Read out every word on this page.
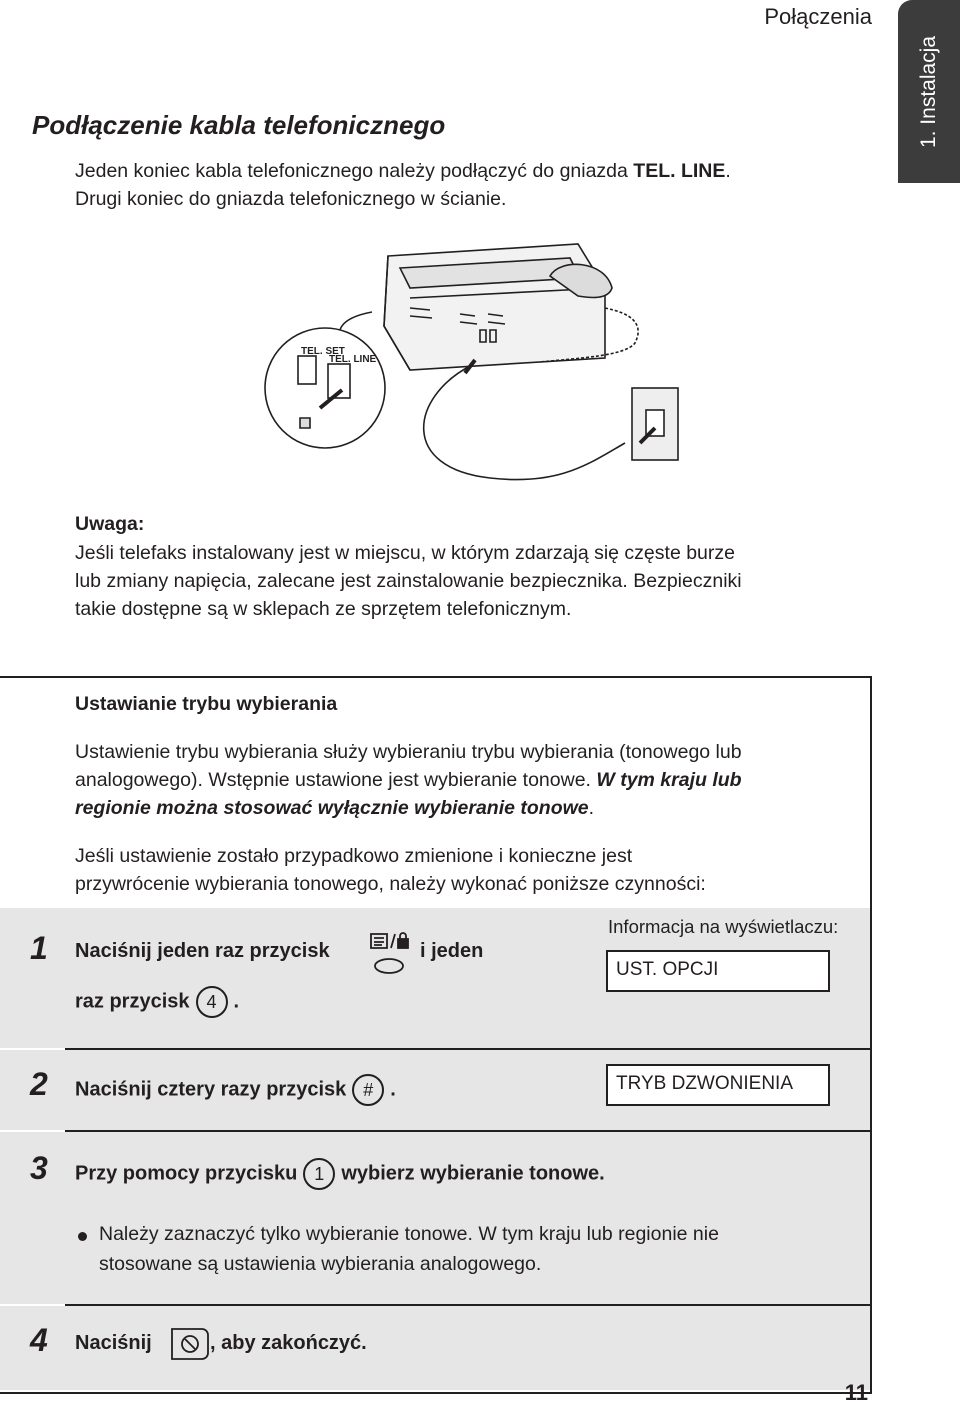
Połączenia
1. Instalacja
Podłączenie kabla telefonicznego
Jeden koniec kabla telefonicznego należy podłączyć do gniazda TEL. LINE.
Drugi koniec do gniazda telefonicznego w ścianie.
TEL. SET
TEL. LINE
Uwaga:
Jeśli telefaks instalowany jest w miejscu, w którym zdarzają się częste burze
lub zmiany napięcia, zalecane jest zainstalowanie bezpiecznika. Bezpieczniki
takie dostępne są w sklepach ze sprzętem telefonicznym.
Ustawianie trybu wybierania
Ustawienie trybu wybierania służy wybieraniu trybu wybierania (tonowego lub
analogowego). Wstępnie ustawione jest wybieranie tonowe. W tym kraju lub
regionie można stosować wyłącznie wybieranie tonowe.
Jeśli ustawienie zostało przypadkowo zmienione i konieczne jest
przywrócenie wybierania tonowego, należy wykonać poniższe czynności:
1 Naciśnij jeden raz przycisk	i jeden
raz przycisk 4 .
Informacja na wyświetlaczu:
UST. OPCJI
2 Naciśnij cztery razy przycisk # .	TRYB DZWONIENIA
3 Przy pomocy przycisku 1 wybierz wybieranie tonowe.
Należy zaznaczyć tylko wybieranie tonowe. W tym kraju lub regionie nie
stosowane są ustawienia wybierania analogowego.
4 Naciśnij	, aby zakończyć.
11
